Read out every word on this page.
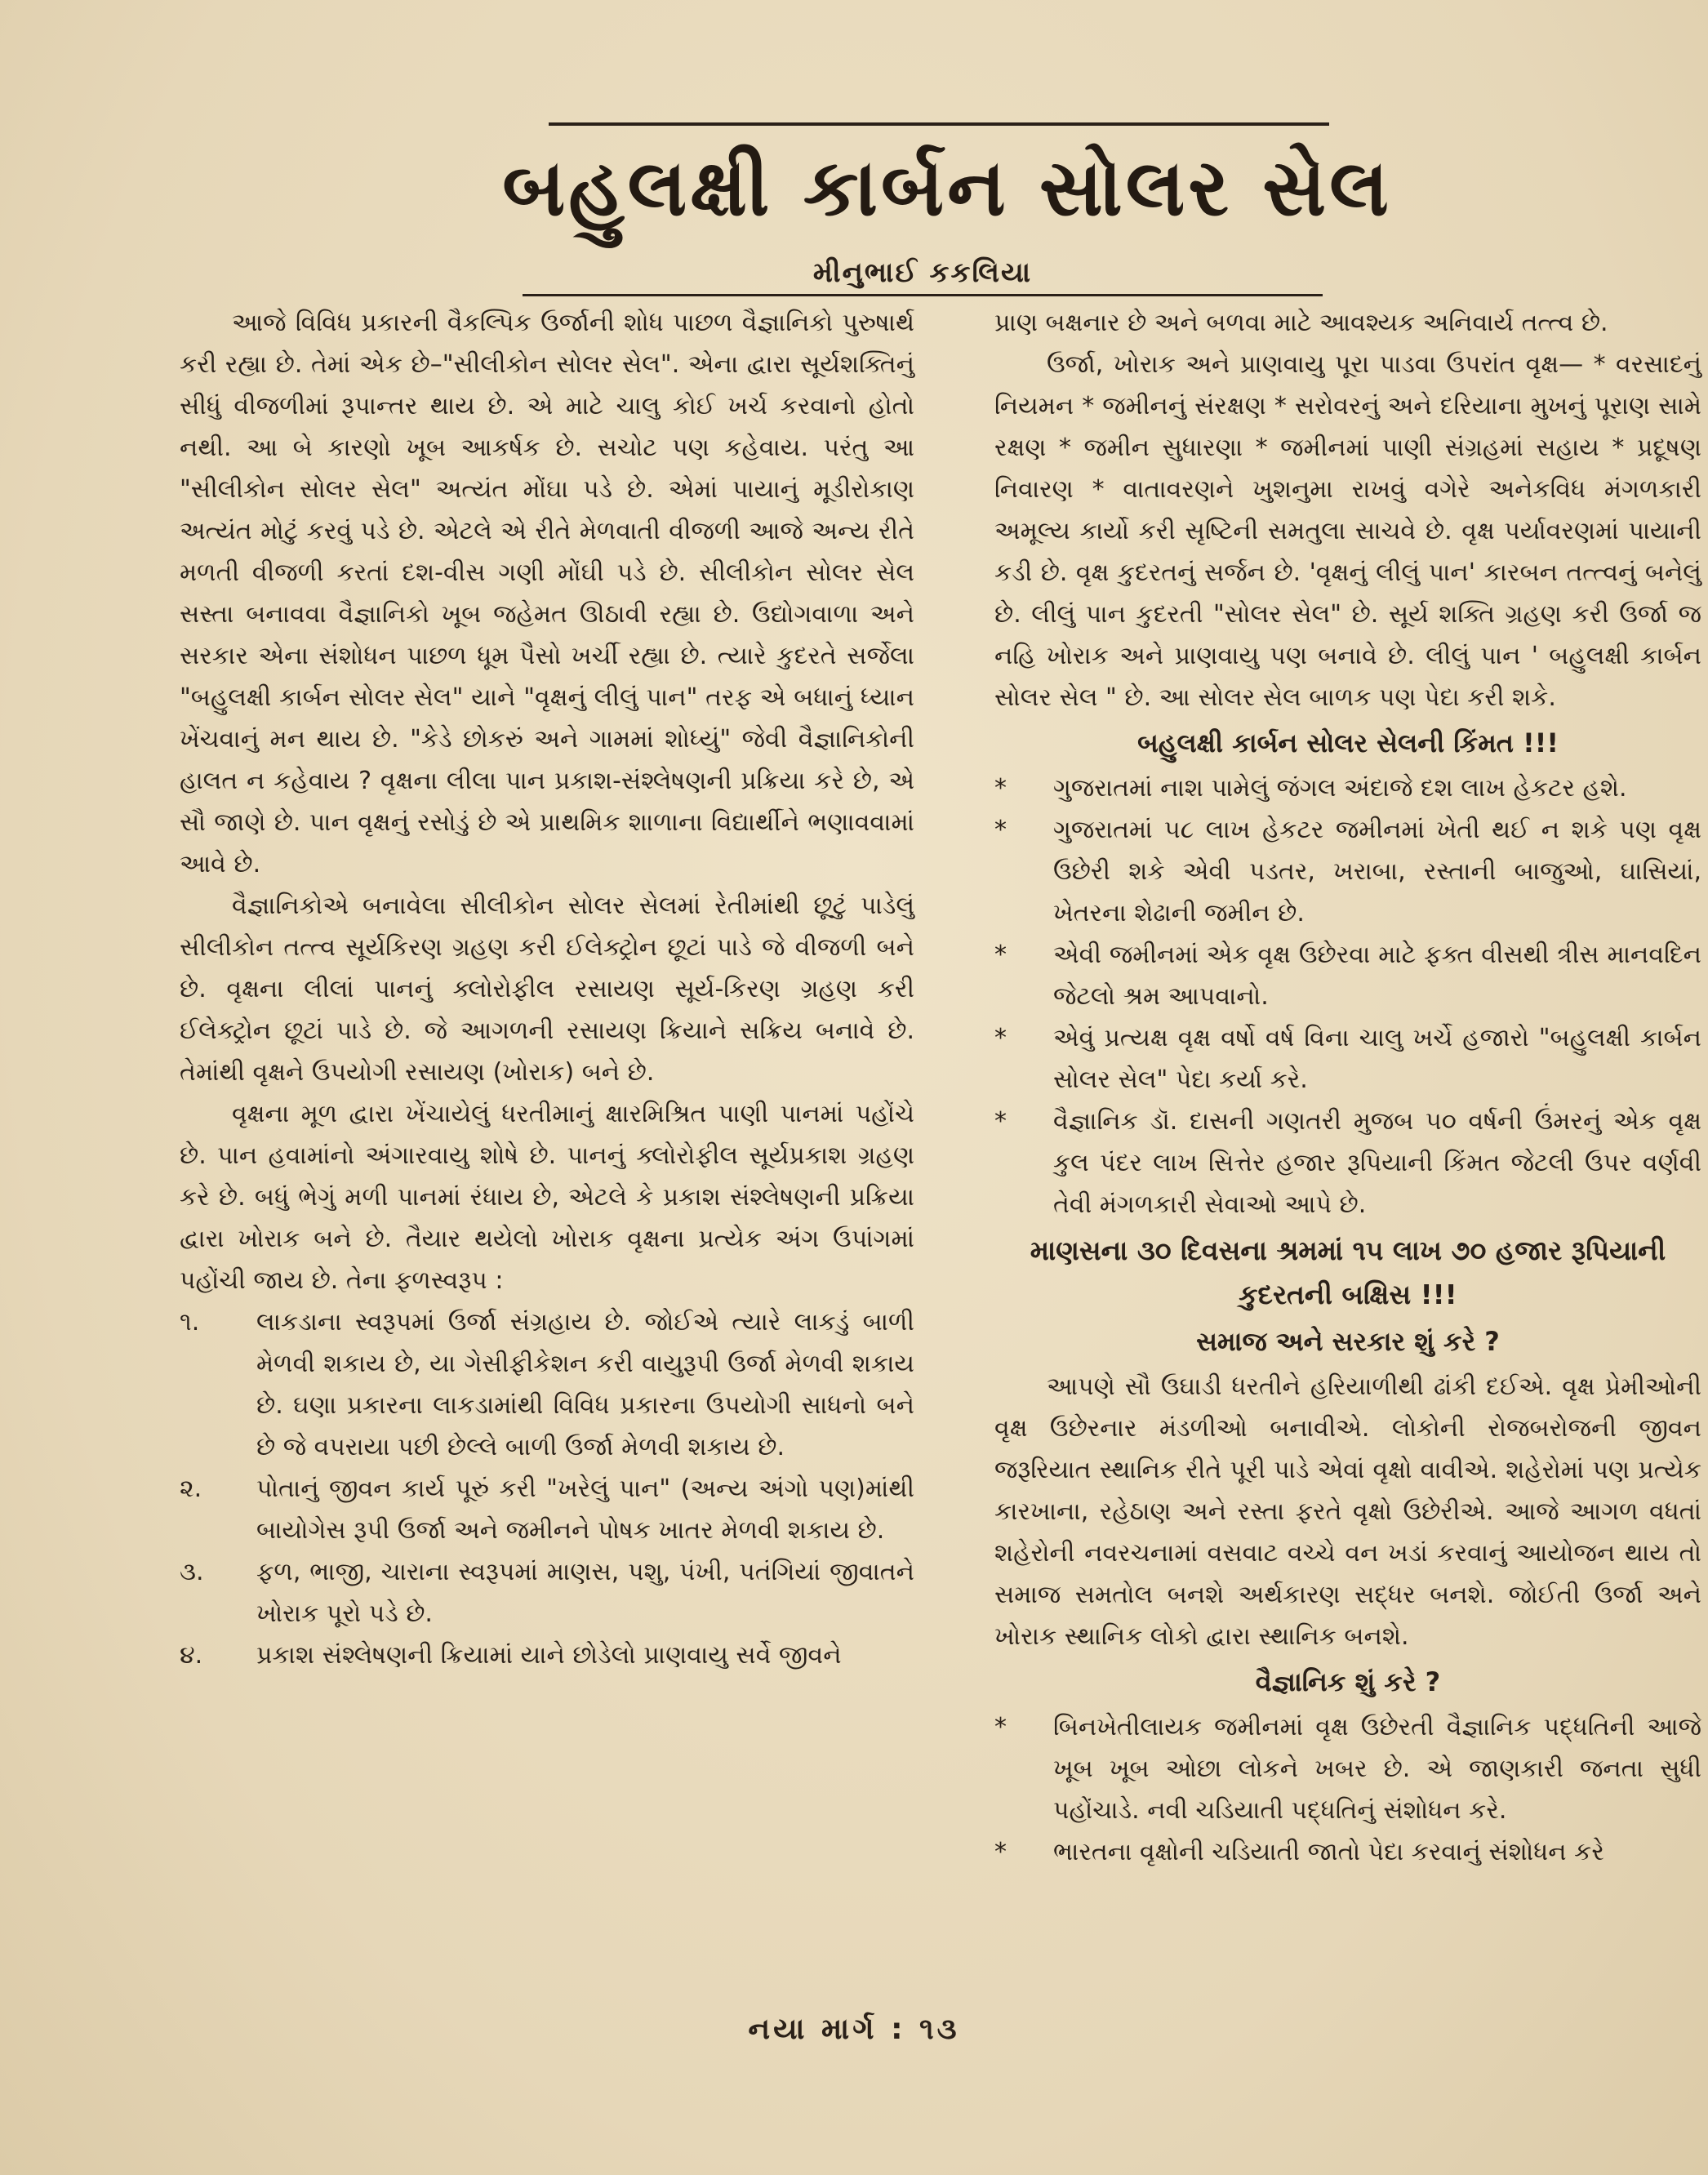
બહુલક્ષી કાર્બન સોલર સેલ
મીનુભાઈ કકલિયા

આજે વિવિધ પ્રકારની વૈકલ્પિક ઉર્જાની શોધ પાછળ વૈજ્ઞાનિકો પુરુષાર્થ કરી રહ્યા છે. તેમાં એક છે–"સીલીકોન સોલર સેલ". એના દ્વારા સૂર્યશક્તિનું સીધું વીજળીમાં રૂપાન્તર થાય છે. એ માટે ચાલુ કોઈ ખર્ચ કરવાનો હોતો નથી. આ બે કારણો ખૂબ આકર્ષક છે. સચોટ પણ કહેવાય. પરંતુ આ "સીલીકોન સોલર સેલ" અત્યંત મોંઘા પડે છે. એમાં પાયાનું મૂડીરોકાણ અત્યંત મોટું કરવું પડે છે. એટલે એ રીતે મેળવાતી વીજળી આજે અન્ય રીતે મળતી વીજળી કરતાં દશ-વીસ ગણી મોંઘી પડે છે. સીલીકોન સોલર સેલ સસ્તા બનાવવા વૈજ્ઞાનિકો ખૂબ જહેમત ઊઠાવી રહ્યા છે. ઉદ્યોગવાળા અને સરકાર એના સંશોધન પાછળ ધૂમ પૈસો ખર્ચી રહ્યા છે. ત્યારે કુદરતે સર્જેલા "બહુલક્ષી કાર્બન સોલર સેલ" યાને "વૃક્ષનું લીલું પાન" તરફ એ બધાનું ધ્યાન ખેંચવાનું મન થાય છે. "કેડે છોકરું અને ગામમાં શોધ્યું" જેવી વૈજ્ઞાનિકોની હાલત ન કહેવાય ? વૃક્ષના લીલા પાન પ્રકાશ-સંશ્લેષણની પ્રક્રિયા કરે છે, એ સૌ જાણે છે. પાન વૃક્ષનું રસોડું છે એ પ્રાથમિક શાળાના વિદ્યાર્થીને ભણાવવામાં આવે છે.

વૈજ્ઞાનિકોએ બનાવેલા સીલીકોન સોલર સેલમાં રેતીમાંથી છૂટું પાડેલું સીલીકોન તત્ત્વ સૂર્યકિરણ ગ્રહણ કરી ઈલેક્ટ્રોન છૂટાં પાડે જે વીજળી બને છે. વૃક્ષના લીલાં પાનનું ક્લોરોફીલ રસાયણ સૂર્ય-કિરણ ગ્રહણ કરી ઈલેક્ટ્રોન છૂટાં પાડે છે. જે આગળની રસાયણ ક્રિયાને સક્રિય બનાવે છે. તેમાંથી વૃક્ષને ઉપયોગી રસાયણ (ખોરાક) બને છે.

વૃક્ષના મૂળ દ્વારા ખેંચાયેલું ધરતીમાનું ક્ષારમિશ્રિત પાણી પાનમાં પહોંચે છે. પાન હવામાંનો અંગારવાયુ શોષે છે. પાનનું ક્લોરોફીલ સૂર્યપ્રકાશ ગ્રહણ કરે છે. બધું ભેગું મળી પાનમાં રંધાય છે, એટલે કે પ્રકાશ સંશ્લેષણની પ્રક્રિયા દ્વારા ખોરાક બને છે. તૈયાર થયેલો ખોરાક વૃક્ષના પ્રત્યેક અંગ ઉપાંગમાં પહોંચી જાય છે. તેના ફળસ્વરૂપ :

૧.	લાકડાના સ્વરૂપમાં ઉર્જા સંગ્રહાય છે. જોઈએ ત્યારે લાકડું બાળી મેળવી શકાય છે, યા ગેસીફીકેશન કરી વાયુરૂપી ઉર્જા મેળવી શકાય છે. ઘણા પ્રકારના લાકડામાંથી વિવિધ પ્રકારના ઉપયોગી સાધનો બને છે જે વપરાયા પછી છેલ્લે બાળી ઉર્જા મેળવી શકાય છે.
૨.	પોતાનું જીવન કાર્ય પૂરું કરી "ખરેલું પાન" (અન્ય અંગો પણ)માંથી બાયોગેસ રૂપી ઉર્જા અને જમીનને પોષક ખાતર મેળવી શકાય છે.
૩.	ફળ, ભાજી, ચારાના સ્વરૂપમાં માણસ, પશુ, પંખી, પતંગિયાં જીવાતને ખોરાક પૂરો પડે છે.
૪.	પ્રકાશ સંશ્લેષણની ક્રિયામાં યાને છોડેલો પ્રાણવાયુ સર્વે જીવને

પ્રાણ બક્ષનાર છે અને બળવા માટે આવશ્યક અનિવાર્ય તત્ત્વ છે.

ઉર્જા, ખોરાક અને પ્રાણવાયુ પૂરા પાડવા ઉપરાંત વૃક્ષ— * વરસાદનું નિયમન * જમીનનું સંરક્ષણ * સરોવરનું અને દરિયાના મુખનું પૂરાણ સામે રક્ષણ * જમીન સુધારણા * જમીનમાં પાણી સંગ્રહમાં સહાય * પ્રદૂષણ નિવારણ * વાતાવરણને ખુશનુમા રાખવું વગેરે અનેકવિધ મંગળકારી અમૂલ્ય કાર્યો કરી સૃષ્ટિની સમતુલા સાચવે છે. વૃક્ષ પર્યાવરણમાં પાયાની કડી છે. વૃક્ષ કુદરતનું સર્જન છે. 'વૃક્ષનું લીલું પાન' કારબન તત્ત્વનું બનેલું છે. લીલું પાન કુદરતી "સોલર સેલ" છે. સૂર્ય શક્તિ ગ્રહણ કરી ઉર્જા જ નહિ ખોરાક અને પ્રાણવાયુ પણ બનાવે છે. લીલું પાન ' બહુલક્ષી કાર્બન સોલર સેલ " છે. આ સોલર સેલ બાળક પણ પેદા કરી શકે.

બહુલક્ષી કાર્બન સોલર સેલની કિંમત !!!
*	ગુજરાતમાં નાશ પામેલું જંગલ અંદાજે દશ લાખ હેકટર હશે.
*	ગુજરાતમાં ૫૮ લાખ હેકટર જમીનમાં ખેતી થઈ ન શકે પણ વૃક્ષ ઉછેરી શકે એવી પડતર, ખરાબા, રસ્તાની બાજુઓ, ઘાસિયાં, ખેતરના શેઢાની જમીન છે.
*	એવી જમીનમાં એક વૃક્ષ ઉછેરવા માટે ફક્ત વીસથી ત્રીસ માનવદિન જેટલો શ્રમ આપવાનો.
*	એવું પ્રત્યક્ષ વૃક્ષ વર્ષો વર્ષ વિના ચાલુ ખર્ચે હજારો "બહુલક્ષી કાર્બન સોલર સેલ" પેદા કર્યા કરે.
*	વૈજ્ઞાનિક ડૉ. દાસની ગણતરી મુજબ ૫૦ વર્ષની ઉંમરનું એક વૃક્ષ કુલ પંદર લાખ સિત્તેર હજાર રૂપિયાની કિંમત જેટલી ઉપર વર્ણવી તેવી મંગળકારી સેવાઓ આપે છે.
માણસના ૩૦ દિવસના શ્રમમાં ૧૫ લાખ ૭૦ હજાર રૂપિયાની કુદરતની બક્ષિસ !!!
સમાજ અને સરકાર શું કરે ?

આપણે સૌ ઉઘાડી ધરતીને હરિયાળીથી ઢાંકી દઈએ. વૃક્ષ પ્રેમીઓની વૃક્ષ ઉછેરનાર મંડળીઓ બનાવીએ. લોકોની રોજબરોજની જીવન જરૂરિયાત સ્થાનિક રીતે પૂરી પાડે એવાં વૃક્ષો વાવીએ. શહેરોમાં પણ પ્રત્યેક કારખાના, રહેઠાણ અને રસ્તા ફરતે વૃક્ષો ઉછેરીએ. આજે આગળ વધતાં શહેરોની નવરચનામાં વસવાટ વચ્ચે વન ખડાં કરવાનું આયોજન થાય તો સમાજ સમતોલ બનશે અર્થકારણ સદ્ધર બનશે. જોઈતી ઉર્જા અને ખોરાક સ્થાનિક લોકો દ્વારા સ્થાનિક બનશે.

વૈજ્ઞાનિક શું કરે ?
*	બિનખેતીલાયક જમીનમાં વૃક્ષ ઉછેરતી વૈજ્ઞાનિક પદ્ધતિની આજે ખૂબ ખૂબ ઓછા લોકને ખબર છે. એ જાણકારી જનતા સુધી પહોંચાડે. નવી ચડિયાતી પદ્ધતિનું સંશોધન કરે.
*	ભારતના વૃક્ષોની ચડિયાતી જાતો પેદા કરવાનું સંશોધન કરે
નયા માર્ગ : ૧૩
